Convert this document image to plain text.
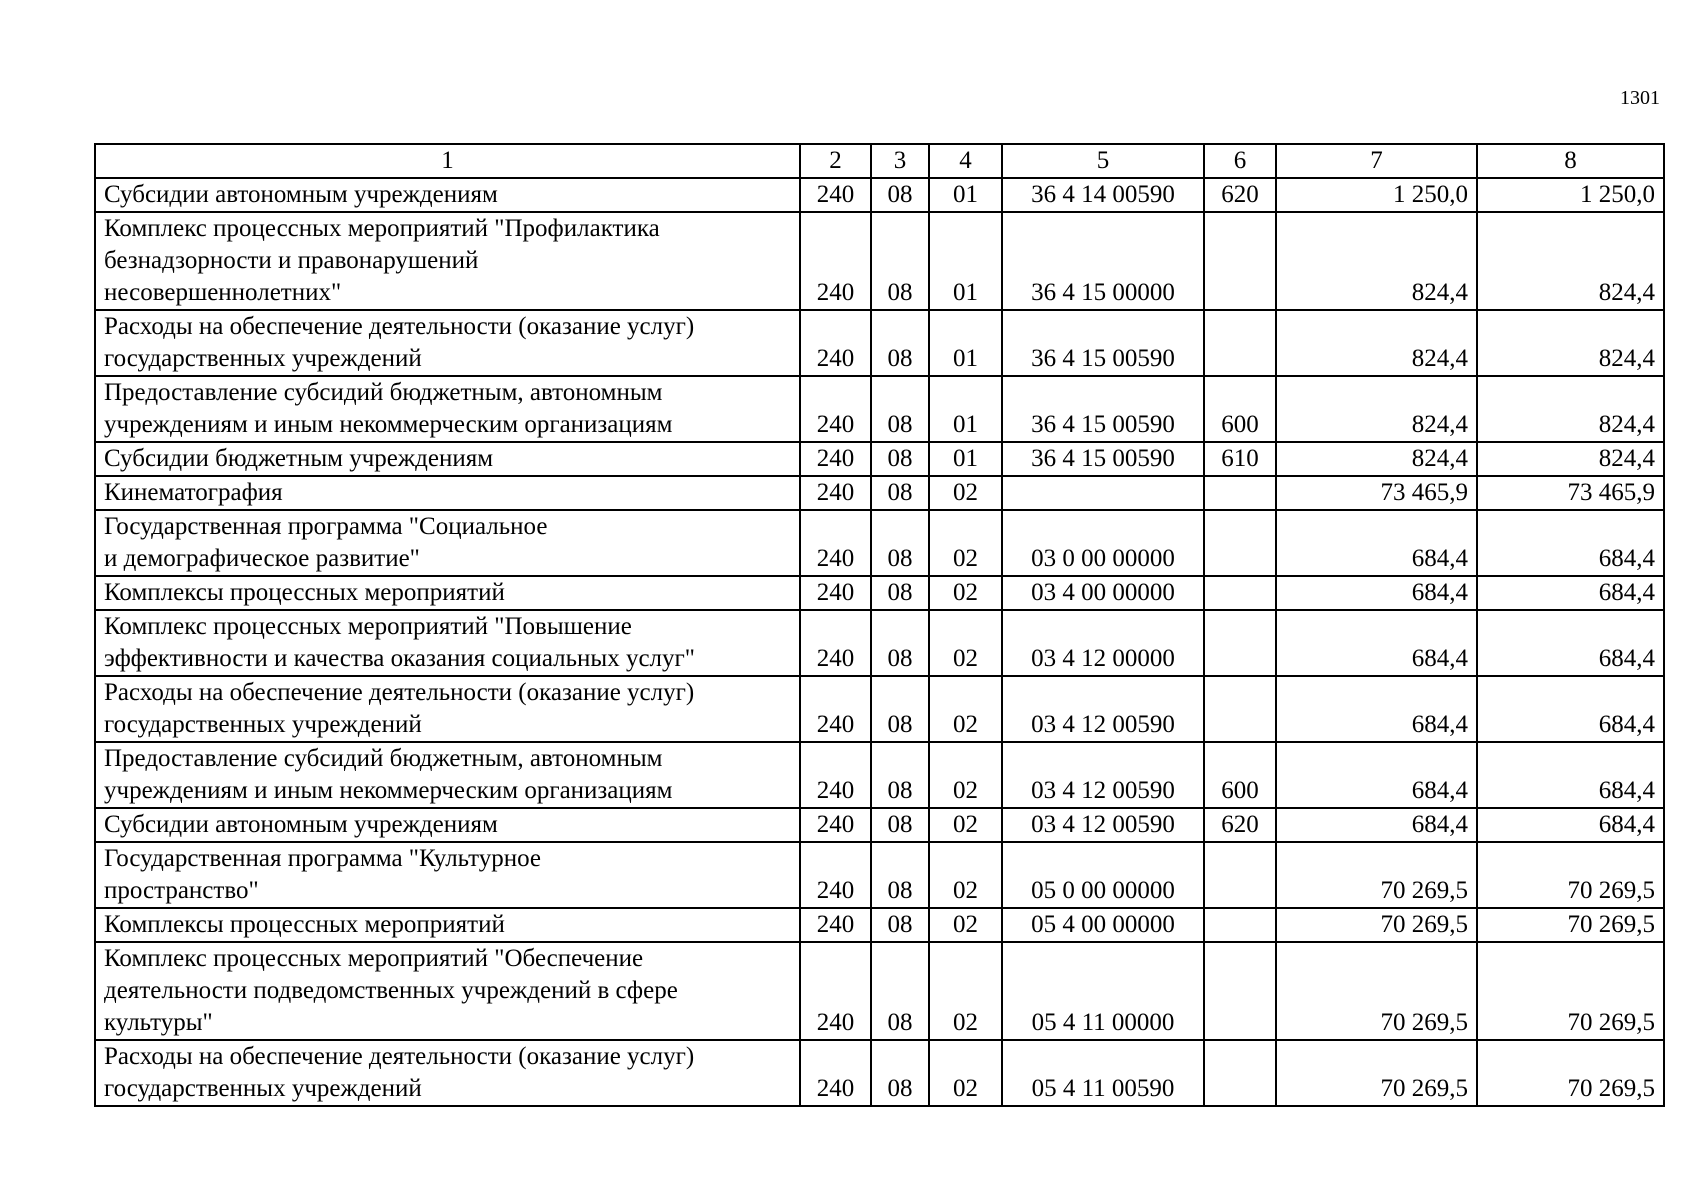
1301
1	2	3	4	5	6	7	8
Субсидии автономным учреждениям	240	08	01	36 4 14 00590	620	1 250,0	1 250,0
Комплекс процессных мероприятий "Профилактика
безнадзорности и правонарушений
несовершеннолетних"	240	08	01	36 4 15 00000		824,4	824,4
Расходы на обеспечение деятельности (оказание услуг)
государственных учреждений	240	08	01	36 4 15 00590		824,4	824,4
Предоставление субсидий бюджетным, автономным
учреждениям и иным некоммерческим организациям	240	08	01	36 4 15 00590	600	824,4	824,4
Субсидии бюджетным учреждениям	240	08	01	36 4 15 00590	610	824,4	824,4
Кинематография	240	08	02			73 465,9	73 465,9
Государственная программа "Социальное
и демографическое развитие"	240	08	02	03 0 00 00000		684,4	684,4
Комплексы процессных мероприятий	240	08	02	03 4 00 00000		684,4	684,4
Комплекс процессных мероприятий "Повышение
эффективности и качества оказания социальных услуг"	240	08	02	03 4 12 00000		684,4	684,4
Расходы на обеспечение деятельности (оказание услуг)
государственных учреждений	240	08	02	03 4 12 00590		684,4	684,4
Предоставление субсидий бюджетным, автономным
учреждениям и иным некоммерческим организациям	240	08	02	03 4 12 00590	600	684,4	684,4
Субсидии автономным учреждениям	240	08	02	03 4 12 00590	620	684,4	684,4
Государственная программа "Культурное
пространство"	240	08	02	05 0 00 00000		70 269,5	70 269,5
Комплексы процессных мероприятий	240	08	02	05 4 00 00000		70 269,5	70 269,5
Комплекс процессных мероприятий "Обеспечение
деятельности подведомственных учреждений в сфере
культуры"	240	08	02	05 4 11 00000		70 269,5	70 269,5
Расходы на обеспечение деятельности (оказание услуг)
государственных учреждений	240	08	02	05 4 11 00590		70 269,5	70 269,5
